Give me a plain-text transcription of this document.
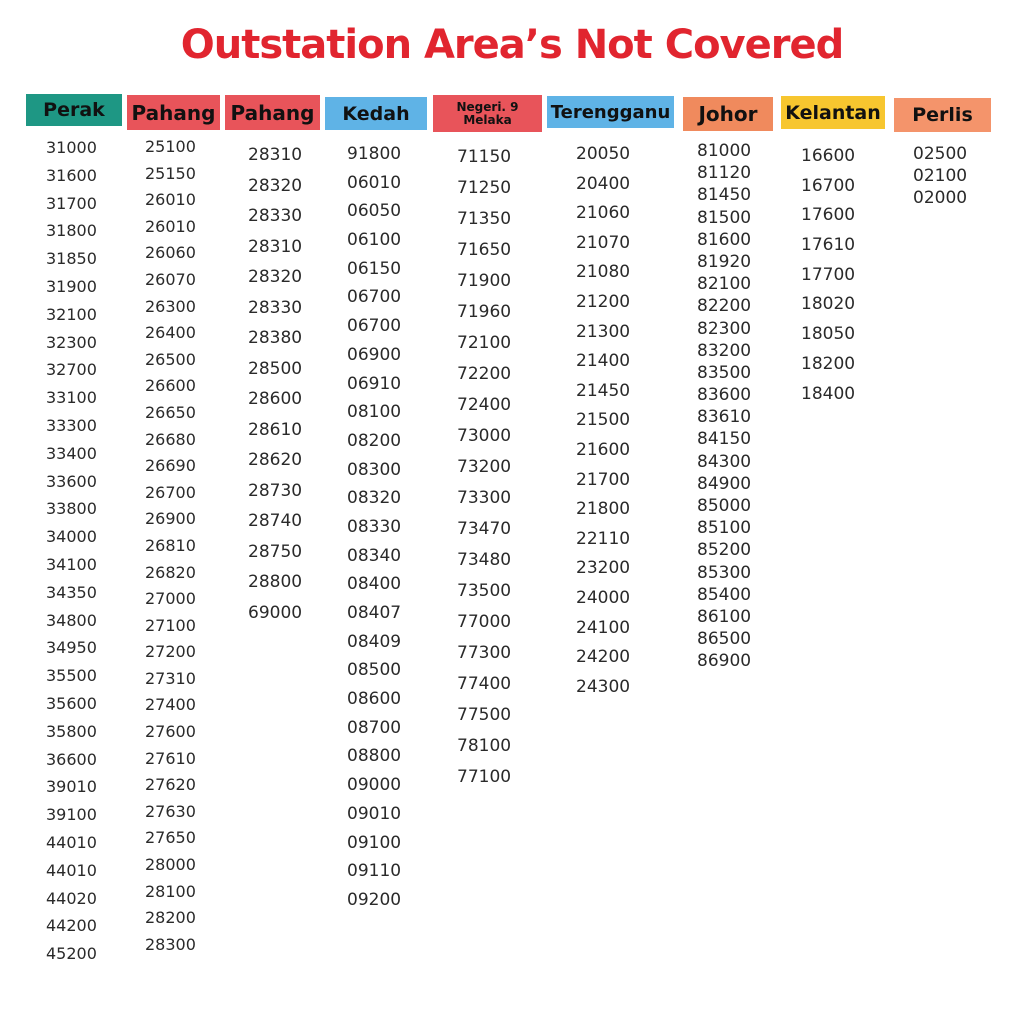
Outstation Area’s Not Covered
Perak
31000
31600
31700
31800
31850
31900
32100
32300
32700
33100
33300
33400
33600
33800
34000
34100
34350
34800
34950
35500
35600
35800
36600
39010
39100
44010
44010
44020
44200
45200
Pahang
25100
25150
26010
26010
26060
26070
26300
26400
26500
26600
26650
26680
26690
26700
26900
26810
26820
27000
27100
27200
27310
27400
27600
27610
27620
27630
27650
28000
28100
28200
28300
Pahang
28310
28320
28330
28310
28320
28330
28380
28500
28600
28610
28620
28730
28740
28750
28800
69000
Kedah
91800
06010
06050
06100
06150
06700
06700
06900
06910
08100
08200
08300
08320
08330
08340
08400
08407
08409
08500
08600
08700
08800
09000
09010
09100
09110
09200
Negeri. 9
Melaka
71150
71250
71350
71650
71900
71960
72100
72200
72400
73000
73200
73300
73470
73480
73500
77000
77300
77400
77500
78100
77100
Terengganu
20050
20400
21060
21070
21080
21200
21300
21400
21450
21500
21600
21700
21800
22110
23200
24000
24100
24200
24300
Johor
81000
81120
81450
81500
81600
81920
82100
82200
82300
83200
83500
83600
83610
84150
84300
84900
85000
85100
85200
85300
85400
86100
86500
86900
Kelantan
16600
16700
17600
17610
17700
18020
18050
18200
18400
Perlis
02500
02100
02000
